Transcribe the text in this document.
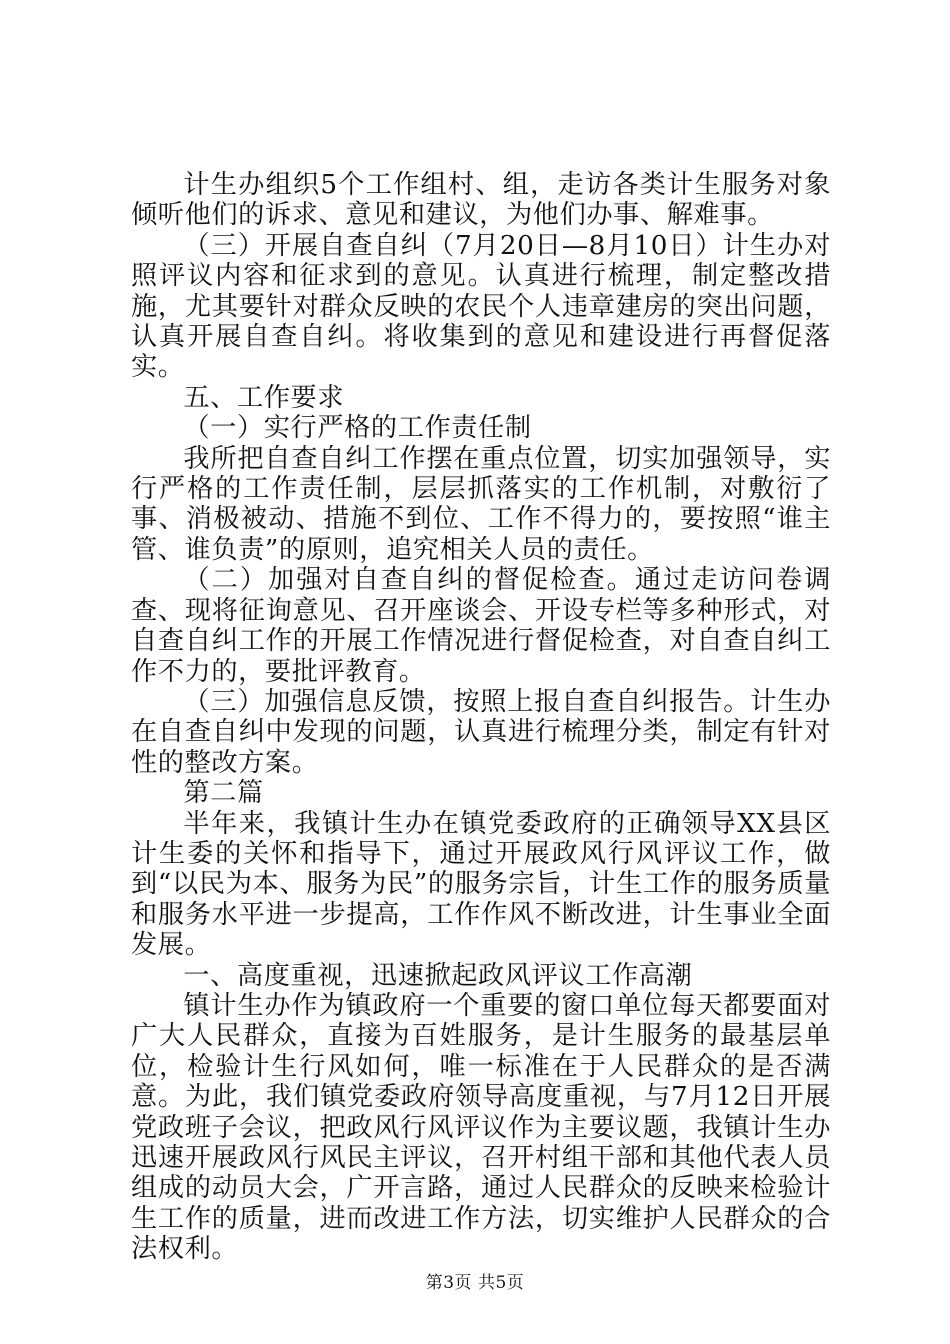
计生办组织5个工作组村、组，走访各类计生服务对象倾听他们的诉求、意见和建议，为他们办事、解难事。

（三）开展自查自纠（7月20日—8月10日）计生办对照评议内容和征求到的意见。认真进行梳理，制定整改措施，尤其要针对群众反映的农民个人违章建房的突出问题，认真开展自查自纠。将收集到的意见和建设进行再督促落实。

五、工作要求

（一）实行严格的工作责任制

我所把自查自纠工作摆在重点位置，切实加强领导，实行严格的工作责任制，层层抓落实的工作机制，对敷衍了事、消极被动、措施不到位、工作不得力的，要按照“谁主管、谁负责”的原则，追究相关人员的责任。

（二）加强对自查自纠的督促检查。通过走访问卷调查、现将征询意见、召开座谈会、开设专栏等多种形式，对自查自纠工作的开展工作情况进行督促检查，对自查自纠工作不力的，要批评教育。

（三）加强信息反馈，按照上报自查自纠报告。计生办在自查自纠中发现的问题，认真进行梳理分类，制定有针对性的整改方案。

第二篇

半年来，我镇计生办在镇党委政府的正确领导XX县区计生委的关怀和指导下，通过开展政风行风评议工作，做到“以民为本、服务为民”的服务宗旨，计生工作的服务质量和服务水平进一步提高，工作作风不断改进，计生事业全面发展。

一、高度重视，迅速掀起政风评议工作高潮

镇计生办作为镇政府一个重要的窗口单位每天都要面对广大人民群众，直接为百姓服务，是计生服务的最基层单位，检验计生行风如何，唯一标准在于人民群众的是否满意。为此，我们镇党委政府领导高度重视，与7月12日开展党政班子会议，把政风行风评议作为主要议题，我镇计生办迅速开展政风行风民主评议，召开村组干部和其他代表人员组成的动员大会，广开言路，通过人民群众的反映来检验计生工作的质量，进而改进工作方法，切实维护人民群众的合法权利。

第3页 共5页
